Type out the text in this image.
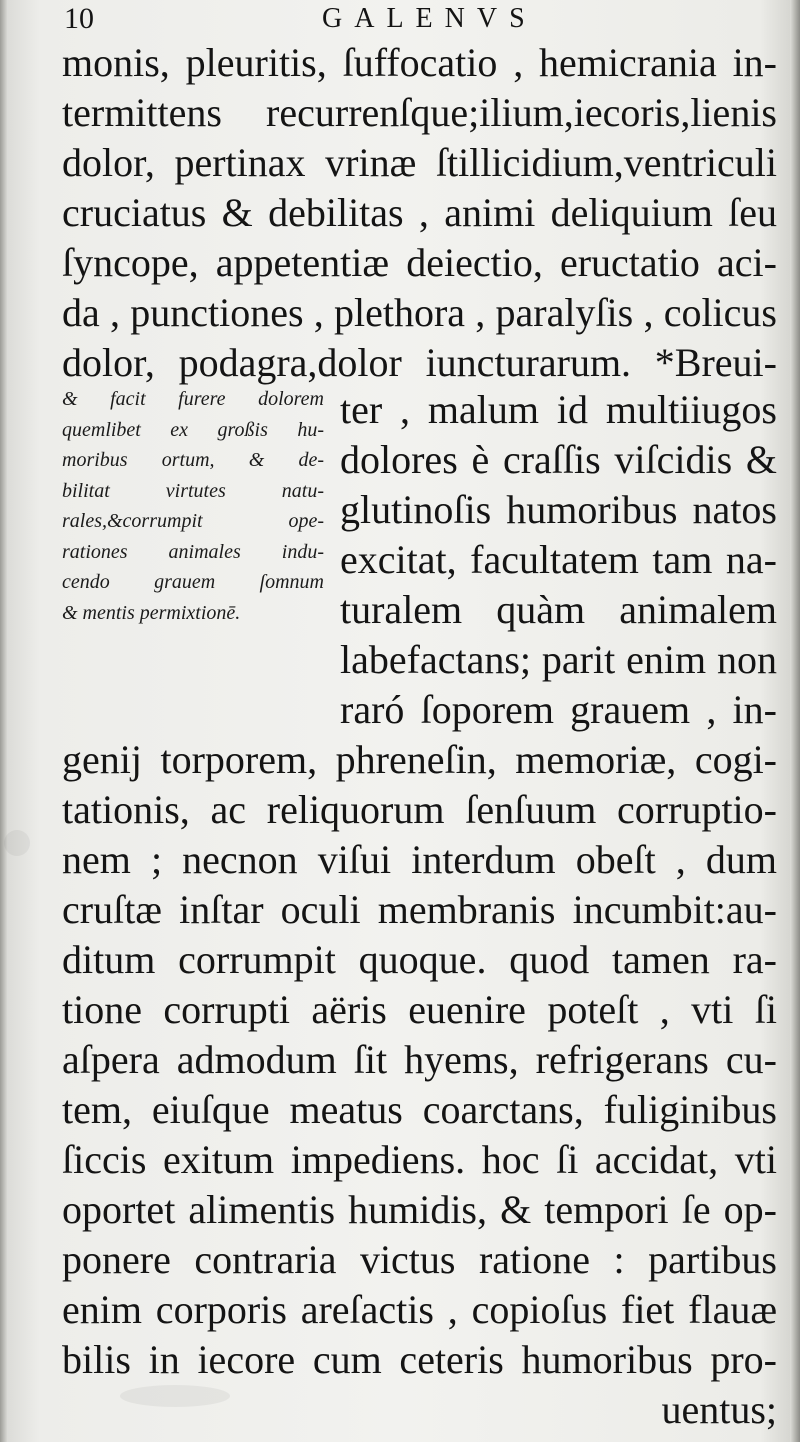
10	GALENVS
monis, pleuritis, ſuffocatio , hemicrania in-
termittens recurrenſque;ilium,iecoris,lienis
dolor, pertinax vrinæ ſtillicidium,ventriculi
cruciatus & debilitas , animi deliquium ſeu
ſyncope, appetentiæ deiectio, eructatio aci-
da , punctiones , plethora , paralyſis , colicus
dolor, podagra,dolor iuncturarum. *Breui-
& facit furere dolorem
quemlibet ex großis hu-
moribus ortum, & de-
bilitat virtutes natu-
rales,&corrumpit ope-
rationes animales indu-
cendo grauem ſomnum
& mentis permixtionē.
ter , malum id multiiugos
dolores è craſſis viſcidis &
glutinoſis humoribus natos
excitat, facultatem tam na-
turalem quàm animalem
labefactans; parit enim non
raró ſoporem grauem , in-
genij torporem, phreneſin, memoriæ, cogi-
tationis, ac reliquorum ſenſuum corruptio-
nem ; necnon viſui interdum obeſt , dum
cruſtæ inſtar oculi membranis incumbit:au-
ditum corrumpit quoque. quod tamen ra-
tione corrupti aëris euenire poteſt , vti ſi
aſpera admodum ſit hyems, refrigerans cu-
tem, eiuſque meatus coarctans, fuliginibus
ſiccis exitum impediens. hoc ſi accidat, vti
oportet alimentis humidis, & tempori ſe op-
ponere contraria victus ratione : partibus
enim corporis areſactis , copioſus fiet flauæ
bilis in iecore cum ceteris humoribus pro-
uentus;
